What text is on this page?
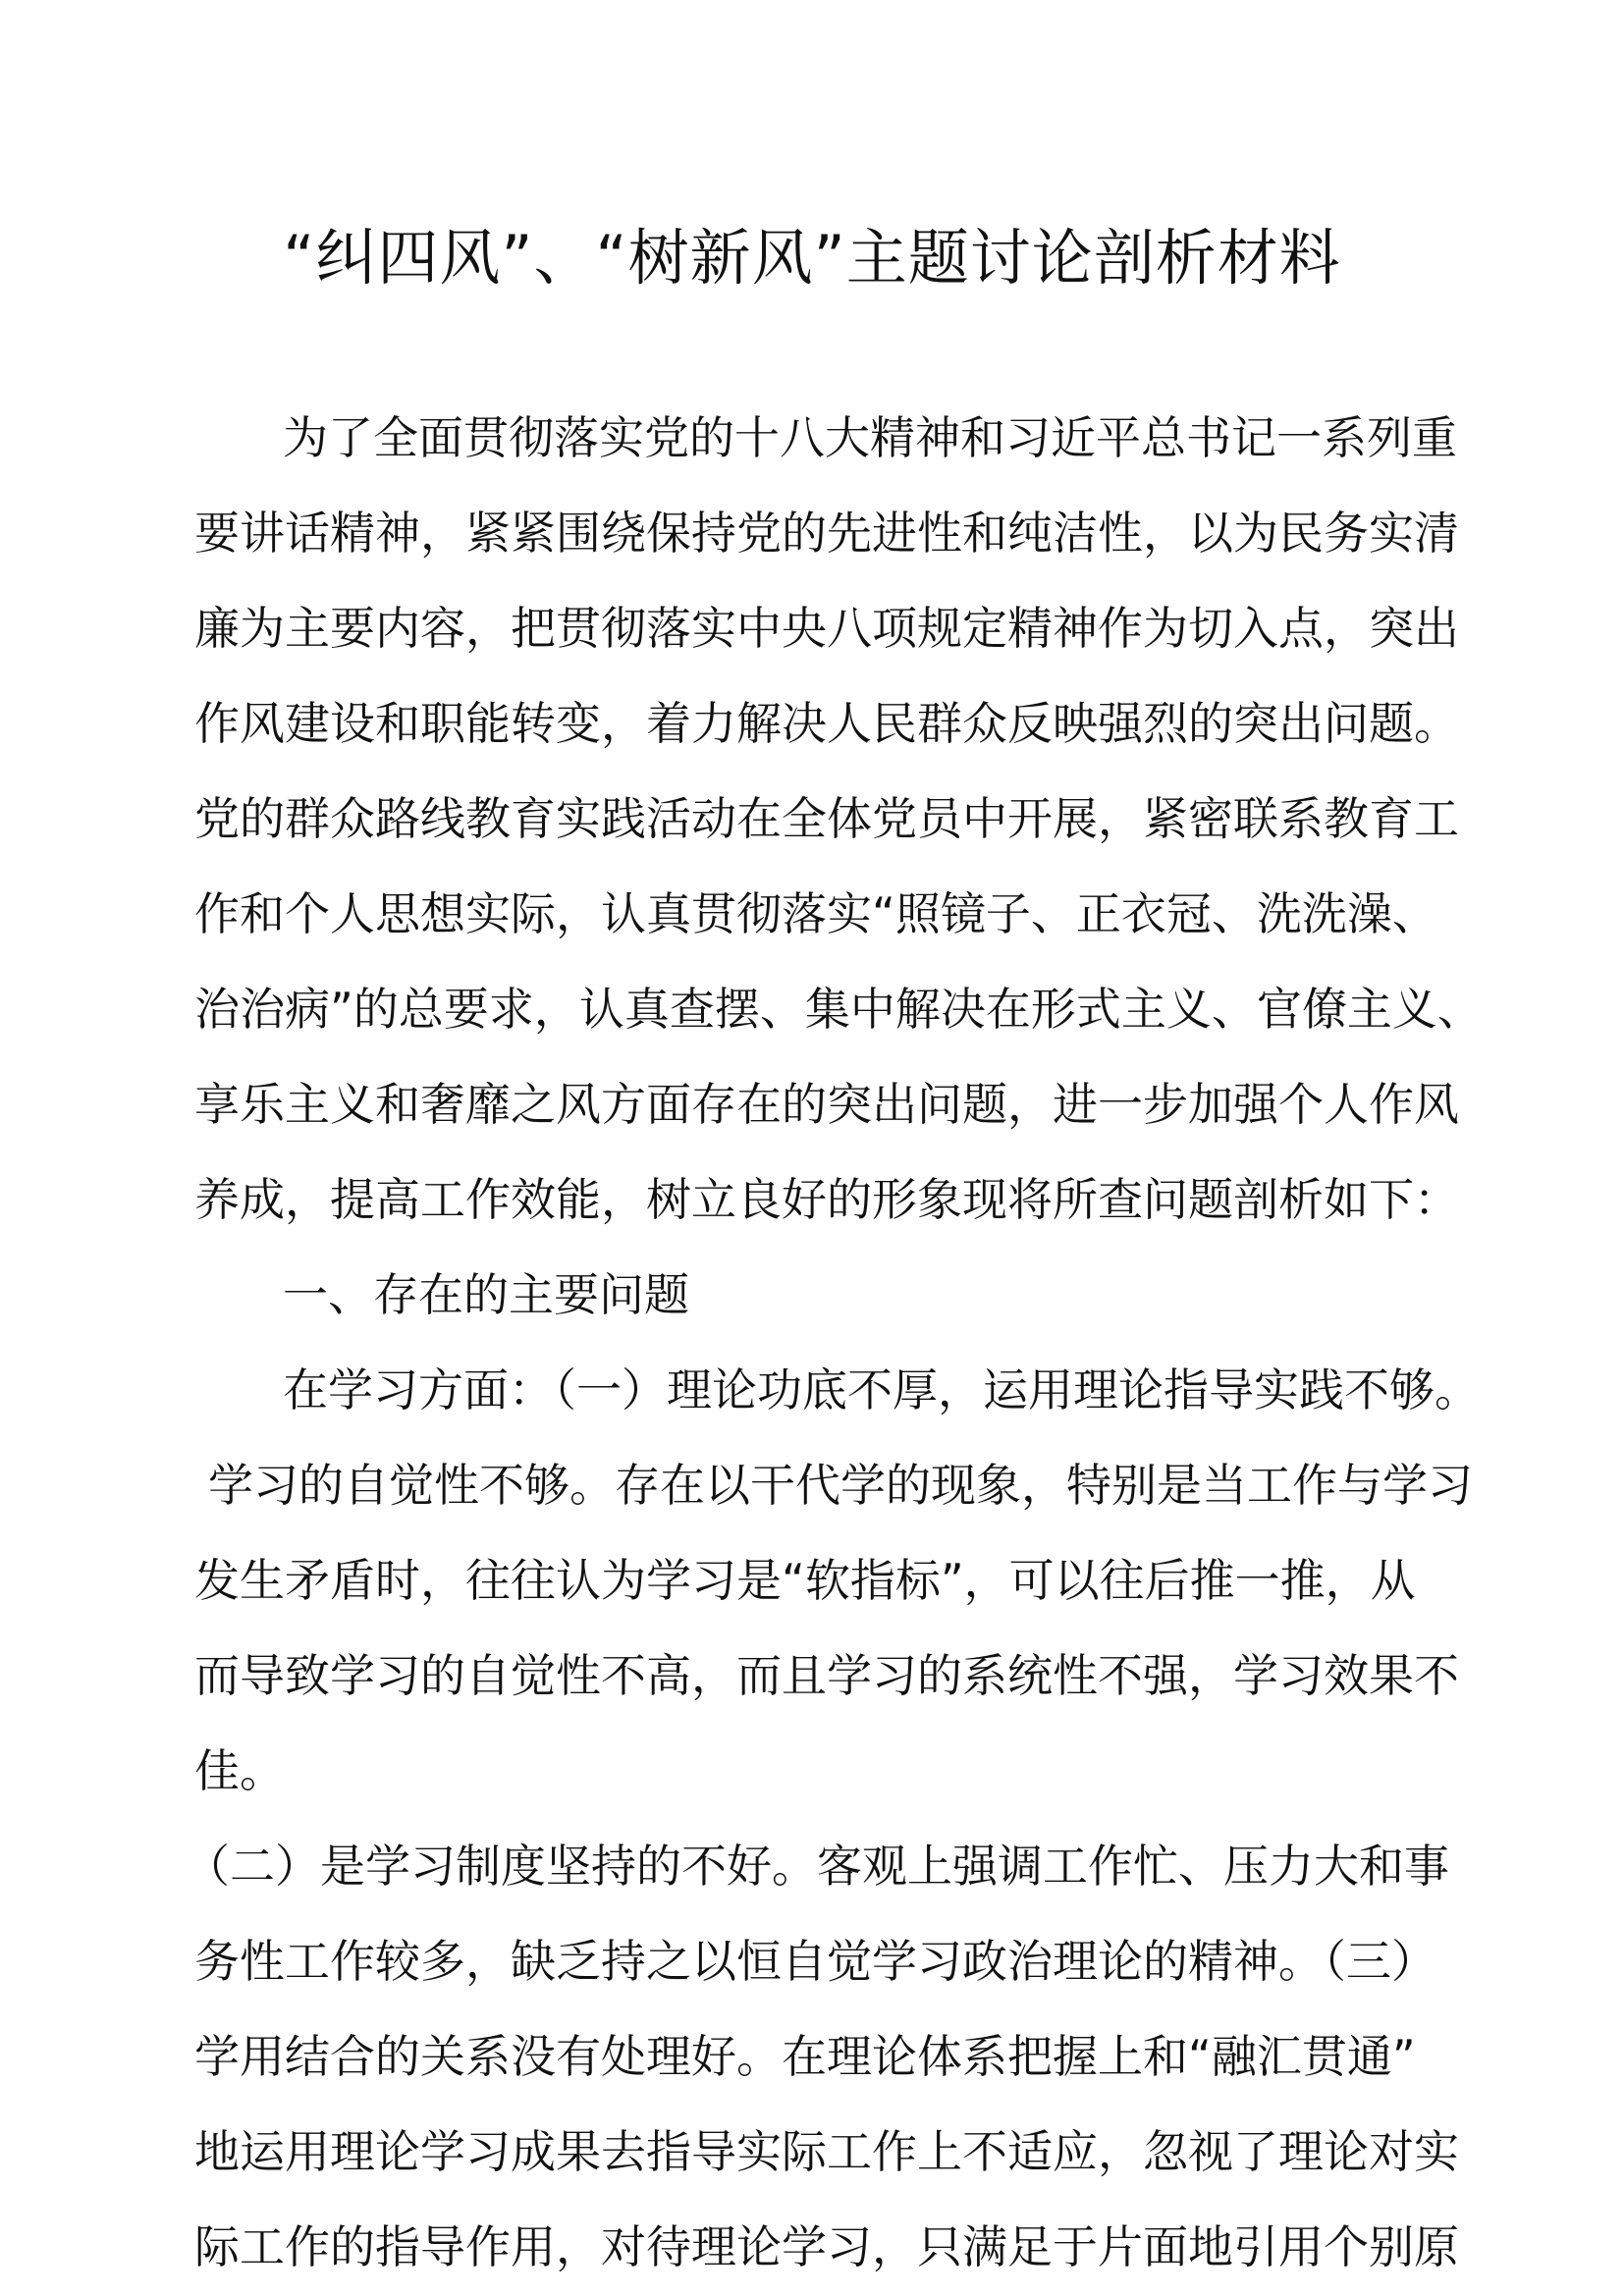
“纠四风”、“树新风”主题讨论剖析材料
为了全面贯彻落实党的十八大精神和习近平总书记一系列重
要讲话精神，紧紧围绕保持党的先进性和纯洁性，以为民务实清
廉为主要内容，把贯彻落实中央八项规定精神作为切入点，突出
作风建设和职能转变，着力解决人民群众反映强烈的突出问题。
党的群众路线教育实践活动在全体党员中开展，紧密联系教育工
作和个人思想实际，认真贯彻落实“照镜子、正衣冠、洗洗澡、
治治病”的总要求，认真查摆、集中解决在形式主义、官僚主义、
享乐主义和奢靡之风方面存在的突出问题，进一步加强个人作风
养成，提高工作效能，树立良好的形象现将所查问题剖析如下：
一、存在的主要问题
在学习方面：（一）理论功底不厚，运用理论指导实践不够。
学习的自觉性不够。存在以干代学的现象，特别是当工作与学习
发生矛盾时，往往认为学习是“软指标”，可以往后推一推，从
而导致学习的自觉性不高，而且学习的系统性不强，学习效果不
佳。
（二）是学习制度坚持的不好。客观上强调工作忙、压力大和事
务性工作较多，缺乏持之以恒自觉学习政治理论的精神。（三）
学用结合的关系没有处理好。在理论体系把握上和“融汇贯通”
地运用理论学习成果去指导实际工作上不适应，忽视了理论对实
际工作的指导作用，对待理论学习，只满足于片面地引用个别原
